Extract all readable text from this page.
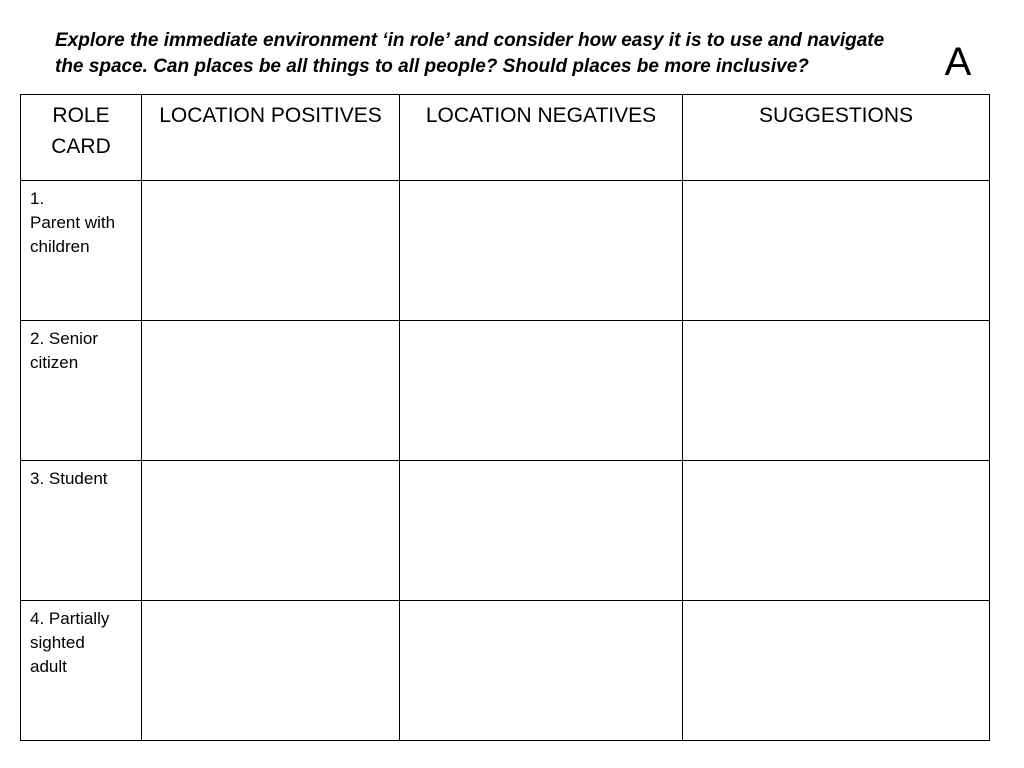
Explore the immediate environment ‘in role’ and consider how easy it is to use and navigate
the space. Can places be all things to all people? Should places be more inclusive?	A
ROLE
CARD	LOCATION POSITIVES	LOCATION NEGATIVES	SUGGESTIONS

1.
Parent with
children			

2. Senior
citizen			

3. Student			

4. Partially
sighted
adult			
